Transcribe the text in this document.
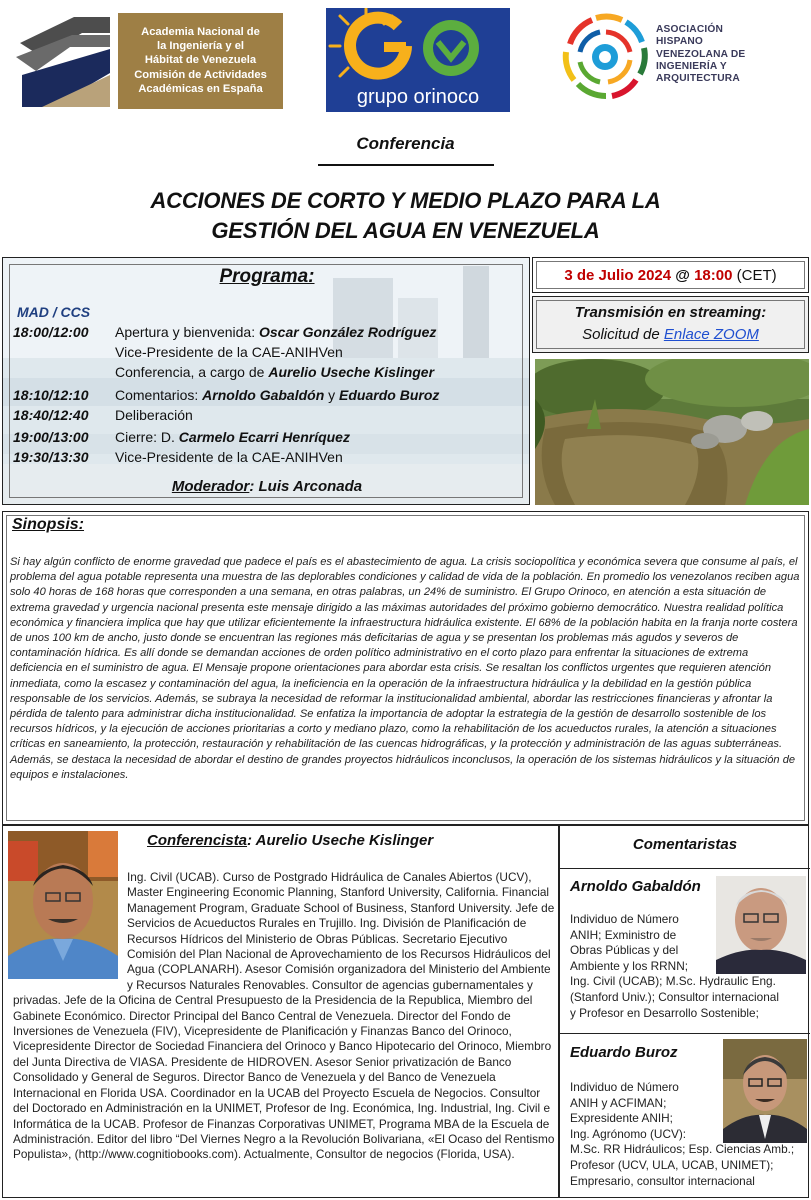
Academia Nacional de
la Ingeniería y el
Hábitat de Venezuela
Comisión de Actividades
Académicas en España	grupo orinoco
ASOCIACIÓN
HISPANO
VENEZOLANA DE
INGENIERÍA Y
ARQUITECTURA
Conferencia
ACCIONES DE CORTO Y MEDIO PLAZO PARA LA
GESTIÓN DEL AGUA EN VENEZUELA
Programa:
MAD / CCS
18:00/12:00 Apertura y bienvenida: Oscar González Rodríguez
Vice-Presidente de la CAE-ANIHVen
Conferencia, a cargo de Aurelio Useche Kislinger
18:10/12:10 Comentarios: Arnoldo Gabaldón y Eduardo Buroz
18:40/12:40 Deliberación
19:00/13:00 Cierre: D. Carmelo Ecarri Henríquez
19:30/13:30 Vice-Presidente de la CAE-ANIHVen
Moderador: Luis Arconada
3 de Julio 2024 @ 18:00 (CET)
Transmisión en streaming:
Solicitud de Enlace ZOOM
Sinopsis:
Si hay algún conflicto de enorme gravedad que padece el país es el abastecimiento de agua. La crisis sociopolítica y económica severa que consume al país, el problema del agua potable representa una muestra de las deplorables condiciones y calidad de vida de la población. En promedio los venezolanos reciben agua solo 40 horas de 168 horas que corresponden a una semana, en otras palabras, un 24% de suministro. El Grupo Orinoco, en atención a esta situación de extrema gravedad y urgencia nacional presenta este mensaje dirigido a las máximas autoridades del próximo gobierno democrático. Nuestra realidad política económica y financiera implica que hay que utilizar eficientemente la infraestructura hidráulica existente. El 68% de la población habita en la franja norte costera de unos 100 km de ancho, justo donde se encuentran las regiones más deficitarias de agua y se presentan los problemas más agudos y severos de contaminación hídrica. Es allí donde se demandan acciones de orden político administrativo en el corto plazo para enfrentar la situaciones de extrema deficiencia en el suministro de agua. El Mensaje propone orientaciones para abordar esta crisis. Se resaltan los conflictos urgentes que requieren atención inmediata, como la escasez y contaminación del agua, la ineficiencia en la operación de la infraestructura hidráulica y la debilidad en la gestión pública responsable de los servicios. Además, se subraya la necesidad de reformar la institucionalidad ambiental, abordar las restricciones financieras y afrontar la pérdida de talento para administrar dicha institucionalidad. Se enfatiza la importancia de adoptar la estrategia de la gestión de desarrollo sostenible de los recursos hídricos, y la ejecución de acciones prioritarias a corto y mediano plazo, como la rehabilitación de los acueductos rurales, la atención a situaciones críticas en saneamiento, la protección, restauración y rehabilitación de las cuencas hidrográficas, y la protección y administración de las aguas subterráneas. Además, se destaca la necesidad de abordar el destino de grandes proyectos hidráulicos inconclusos, la operación de los sistemas hidráulicos y la situación de equipos e instalaciones.
Conferencista: Aurelio Useche Kislinger
Ing. Civil (UCAB). Curso de Postgrado Hidráulica de Canales Abiertos (UCV), Master Engineering Economic Planning, Stanford University, California. Financial Management Program, Graduate School of Business, Stanford University. Jefe de Servicios de Acueductos Rurales en Trujillo. Ing. División de Planificación de Recursos Hídricos del Ministerio de Obras Públicas. Secretario Ejecutivo Comisión del Plan Nacional de Aprovechamiento de los Recursos Hidráulicos del Agua (COPLANARH). Asesor Comisión organizadora del Ministerio del Ambiente y Recursos Naturales Renovables. Consultor de agencias gubernamentales y privadas. Jefe de la Oficina de Central Presupuesto de la Presidencia de la Republica, Miembro del Gabinete Económico. Director Principal del Banco Central de Venezuela. Director del Fondo de Inversiones de Venezuela (FIV), Vicepresidente de Planificación y Finanzas Banco del Orinoco, Vicepresidente Director de Sociedad Financiera del Orinoco y Banco Hipotecario del Orinoco, Miembro del Junta Directiva de VIASA. Presidente de HIDROVEN. Asesor Senior privatización de Banco Consolidado y General de Seguros. Director Banco de Venezuela y del Banco de Venezuela Internacional en Florida USA. Coordinador en la UCAB del Proyecto Escuela de Negocios. Consultor del Doctorado en Administración en la UNIMET, Profesor de Ing. Económica, Ing. Industrial, Ing. Civil e Informática de la UCAB. Profesor de Finanzas Corporativas UNIMET, Programa MBA de la Escuela de Administración. Editor del libro “Del Viernes Negro a la Revolución Bolivariana, «El Ocaso del Rentismo Populista», (http://www.cognitiobooks.com). Actualmente, Consultor de negocios (Florida, USA).
Comentaristas
Arnoldo Gabaldón
Individuo de Número
ANIH; Exministro de
Obras Públicas y del
Ambiente y los RRNN;
Ing. Civil (UCAB); M.Sc. Hydraulic Eng.
(Stanford Univ.); Consultor internacional
y Profesor en Desarrollo Sostenible;
Eduardo Buroz
Individuo de Número
ANIH y ACFIMAN;
Expresidente ANIH;
Ing. Agrónomo (UCV):
M.Sc. RR Hidráulicos; Esp. Ciencias Amb.;
Profesor (UCV, ULA, UCAB, UNIMET);
Empresario, consultor internacional
